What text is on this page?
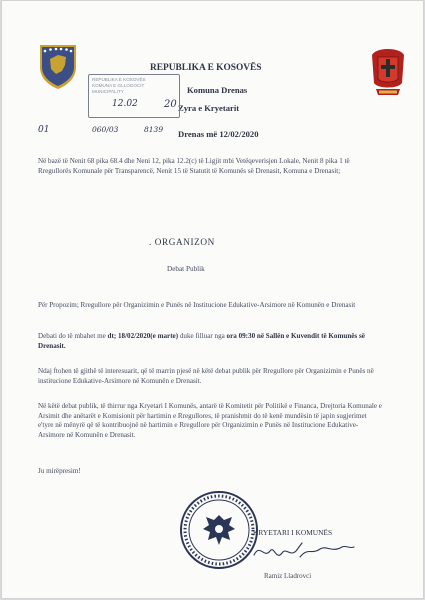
REPUBLIKA E KOSOVËS
Komuna Drenas
Zyra e Kryetarit
Drenas më 12/02/2020
REPUBLIKA E KOSOVËS
KOMUNA E GLLOGOCIT
MUNICIPALITY
12.02	20
01	060/03	8139
Në bazë të Nenit 68 pika 68.4 dhe Neni 12, pika 12.2(c) të Ligjit mbi Vetëqeverisjen Lokale, Nenit 8 pika 1 të Rregullorës Komunale për Transparencë, Nenit 15 të Statutit të Komunës së Drenasit, Komuna e Drenasit;
. ORGANIZON
Debat Publik
Për Propozim; Rregullore për Organizimin e Punës në Institucione Edukative-Arsimore në Komunën e Drenasit
Debati do të mbahet me dt; 18/02/2020(e marte) duke filluar nga ora 09:30 në Sallën e Kuvendit të Komunës së Drenasit.
Ndaj ftohen të gjithë të interesuarit, që të marrin pjesë në këtë debat publik për Rregullore për Organizimin e Punës në institucione Edukative-Arsimore në Komunën e Drenasit.
Në këtë debat publik, të thirrur nga Kryetari I Komunës, antarë të Komitetit për Politikë e Financa, Drejtoria Komunale e Arsimit dhe anëtarët e Komisionit për hartimin e Rregullores, të pranishmit do të kenë mundësin të japin sugjerimet e'tyre në mënyrë që të kontribuojnë në hartimin e Rregullore për Organizimin e Punës në Institucione Edukative-Arsimore në Komunën e Drenasit.
Ju mirëpresim!
KRYETARI I KOMUNËS
Ramiz Lladrovci
